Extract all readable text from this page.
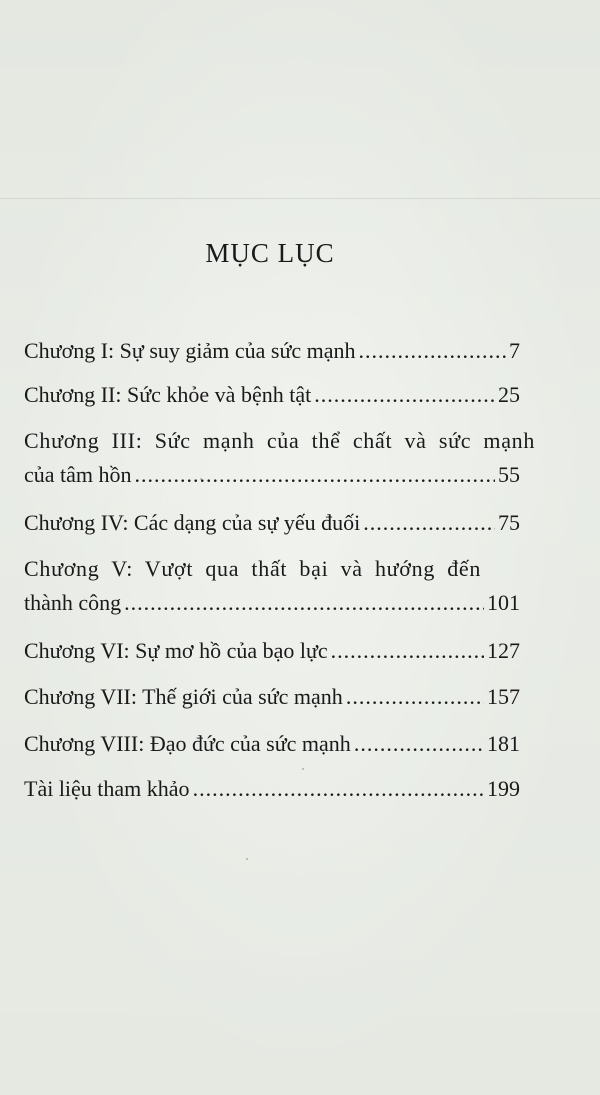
MỤC LỤC
Chương I: Sự suy giảm của sức mạnh .....	7
Chương II: Sức khỏe và bệnh tật .....	25
Chương III: Sức mạnh của thể chất và sức mạnh
của tâm hồn .....	55
Chương IV: Các dạng của sự yếu đuối .....	75
Chương V: Vượt qua thất bại và hướng đến
thành công .....	101
Chương VI: Sự mơ hồ của bạo lực .....	127
Chương VII: Thế giới của sức mạnh .....	157
Chương VIII: Đạo đức của sức mạnh .....	181
Tài liệu tham khảo .....	199
